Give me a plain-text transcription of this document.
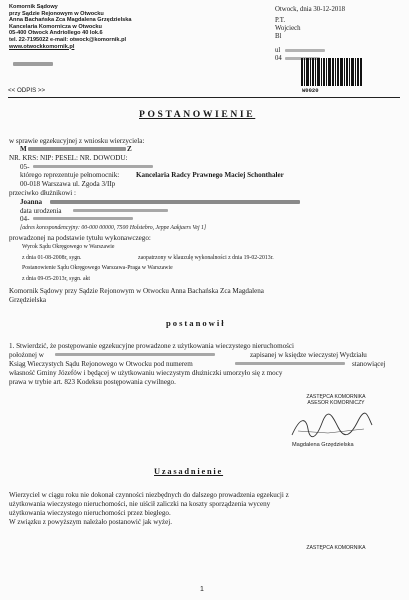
Komornik Sądowy
przy Sądzie Rejonowym w Otwocku
Anna Bachańska Zca Magdalena Grzędzielska
Kancelaria Komornicza w Otwocku
05-400 Otwock Andriollego 40 lok.6
tel. 22-7195022 e-mail: otwock@komornik.pl
www.otwockkomornik.pl
Otwock, dnia 30-12-2018
P.T.
Wojciech
Bl
ul
04
W0020
<< ODPIS >>
POSTANOWIENIE
w sprawie egzekucyjnej z wniosku wierzyciela:
M	Z
NR. KRS: NIP: PESEL: NR. DOWODU:
05-
którego reprezentuje pełnomocnik: Kancelaria Radcy Prawnego Maciej Schonthaler
00-018 Warszawa ul. Zgoda 3/IIp
przeciwko dłużnikowi :
Joanna
data urodzenia
04-
[adres korespondencyjny: 00-000 00000, 7500 Holstebro, Jeppe Aakjaers Vej 1]
prowadzonej na podstawie tytułu wykonawczego:
Wyrok Sądu Okręgowego w Warszawie
z dnia 01-08-2008r, sygn.	zaopatrzony w klauzulę wykonalności z dnia 19-02-2013r.
Postanowienie Sądu Okręgowego Warszawa-Praga w Warszawie
z dnia 09-05-2013r, sygn. akt
Komornik Sądowy przy Sądzie Rejonowym w Otwocku Anna Bachańska Zca Magdalena
Grzędzielska
postanowił
1. Stwierdzić, że postępowanie egzekucyjne prowadzone z użytkowania wieczystego nieruchomości
położonej w	zapisanej w księdze wieczystej Wydziału
Ksiąg Wieczystych Sądu Rejonowego w Otwocku pod numerem	stanowiącej
własność Gminy Józefów i będącej w użytkowaniu wieczystym dłużniczki umorzyło się z mocy
prawa w trybie art. 823 Kodeksu postępowania cywilnego.
ZASTĘPCA KOMORNIKA
ASESOR KOMORNICZY
Magdalena Grzędzielska
Uzasadnienie
Wierzyciel w ciągu roku nie dokonał czynności niezbędnych do dalszego prowadzenia egzekucji z
użytkowania wieczystego nieruchomości, nie uiścił zaliczki na koszty sporządzenia wyceny
użytkowania wieczystego nieruchomości przez biegłego.
W związku z powyższym należało postanowić jak wyżej.
ZASTĘPCA KOMORNIKA
1
